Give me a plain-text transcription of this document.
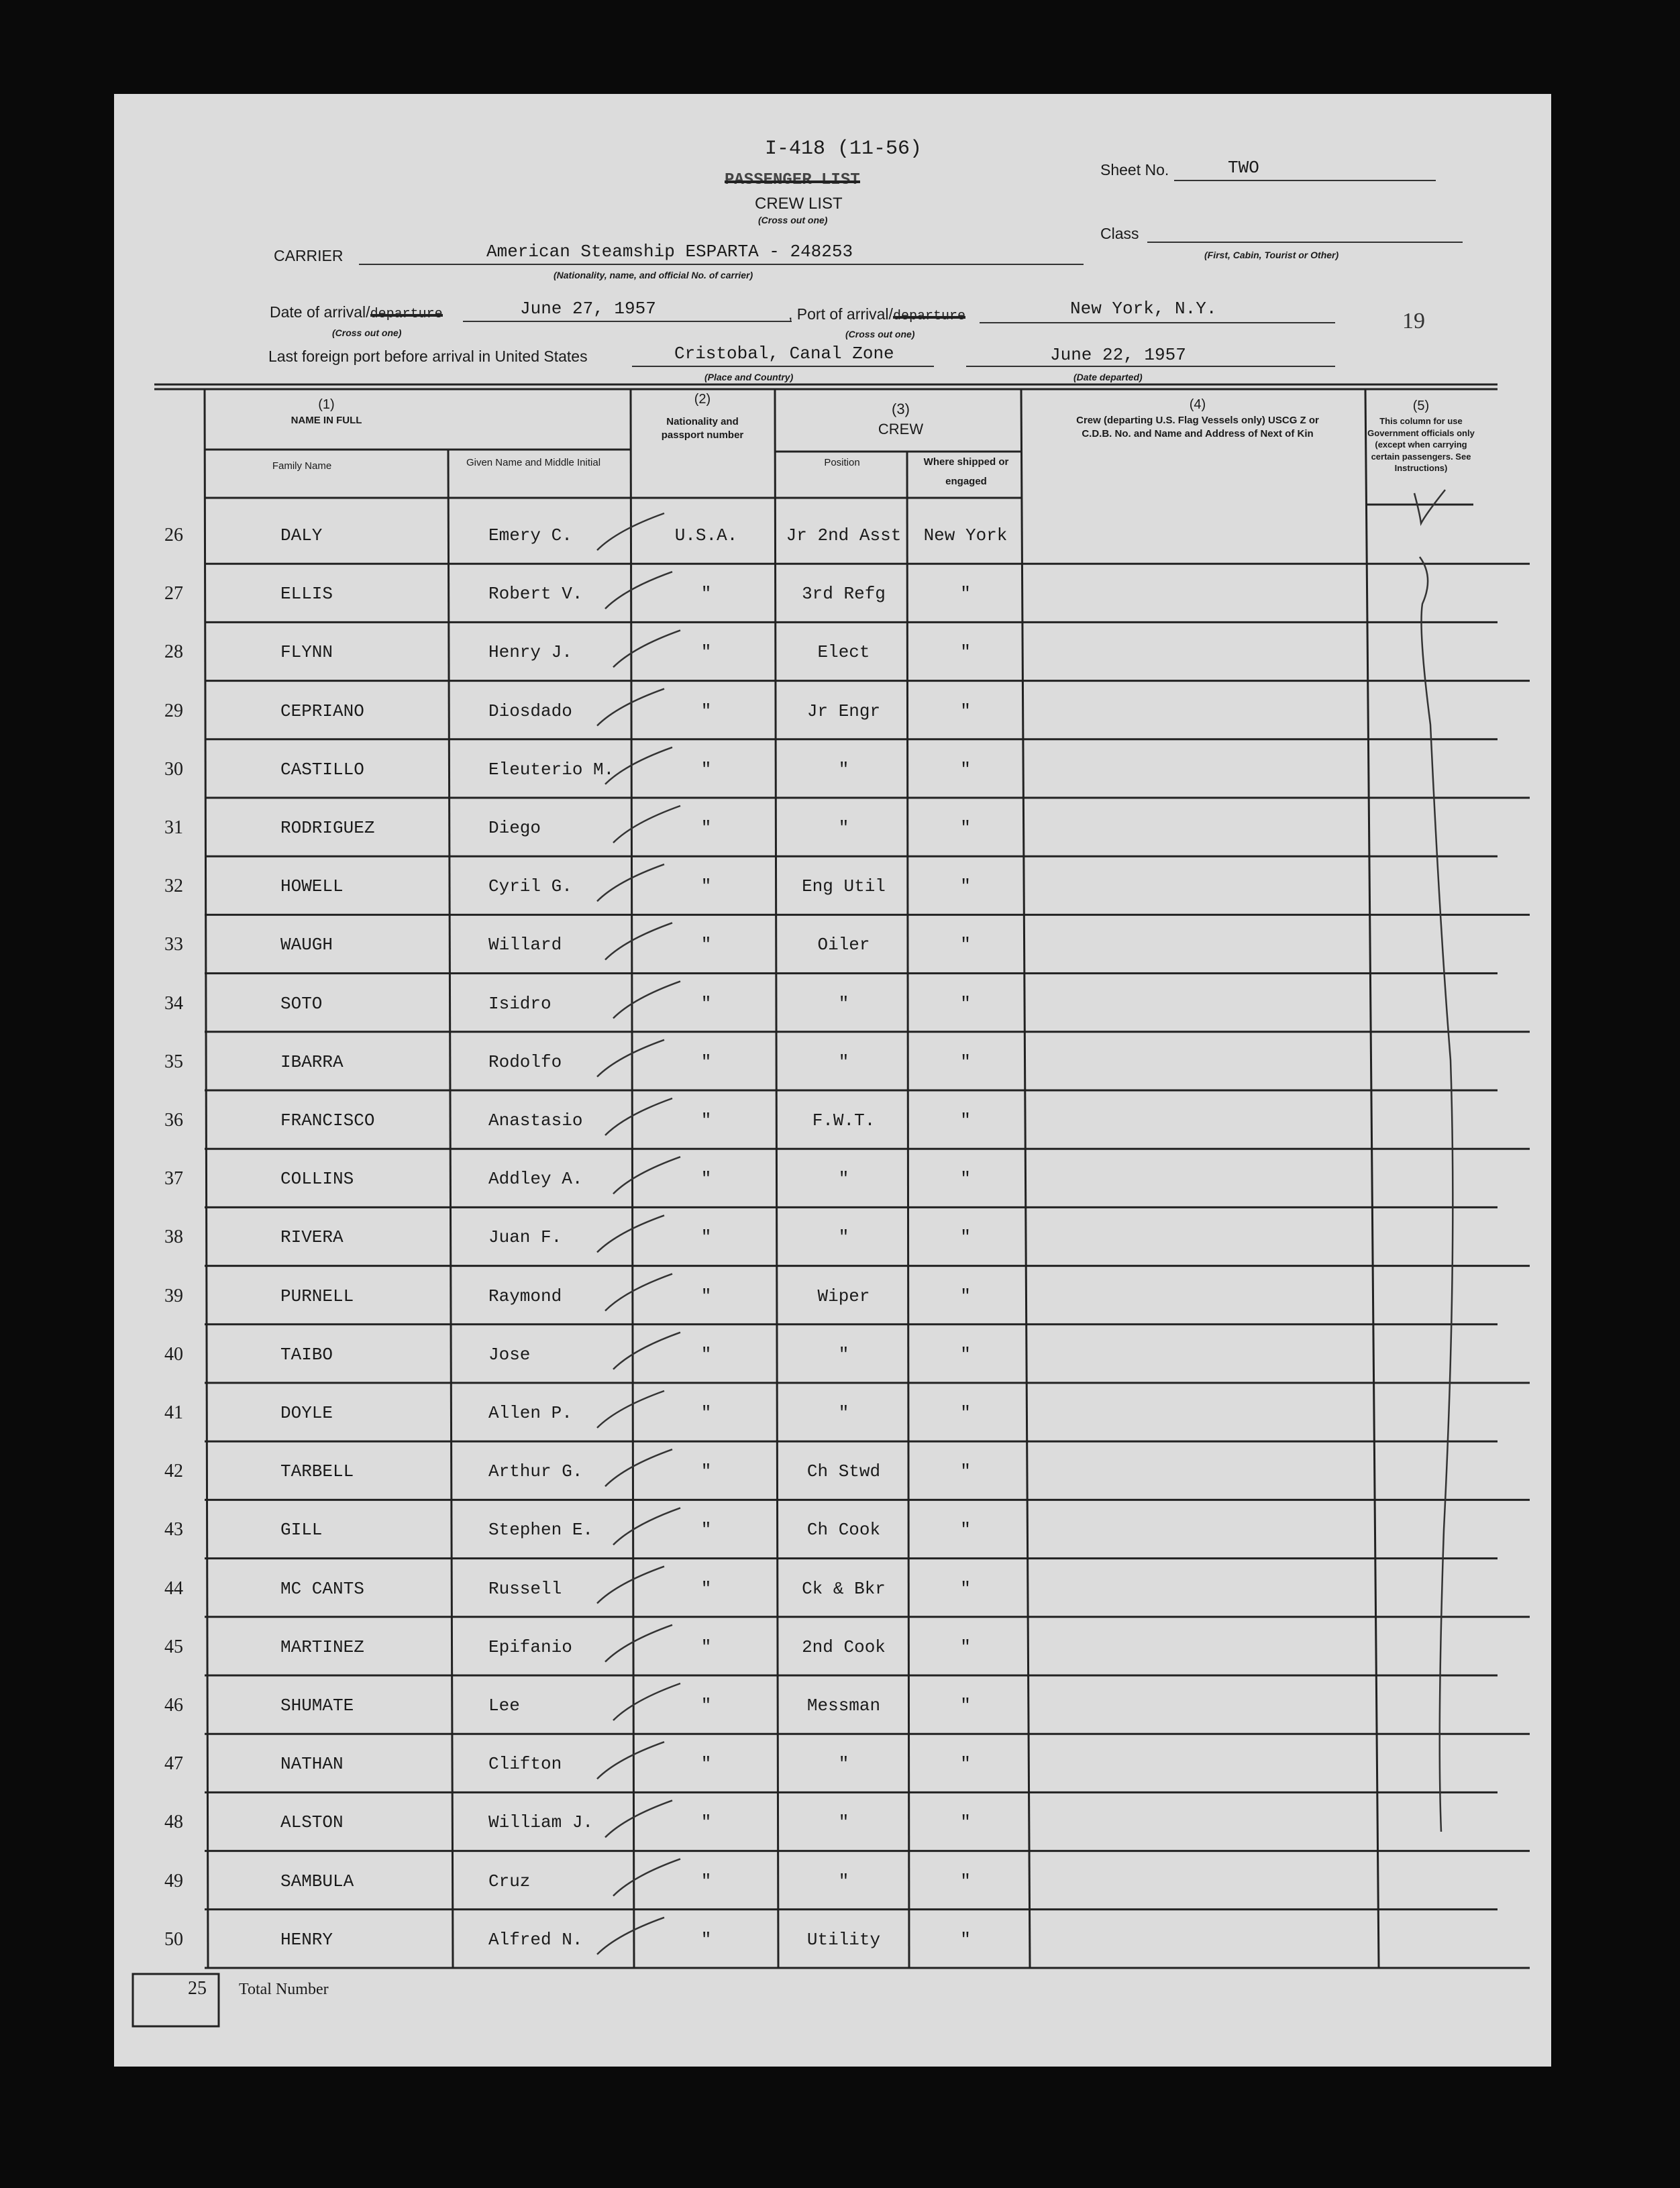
I-418 (11-56)
PASSENGER LIST
CREW LIST
(Cross out one)
Sheet No.	TWO
Class
(First, Cabin, Tourist or Other)
CARRIER	American Steamship ESPARTA - 248253
(Nationality, name, and official No. of carrier)
Date of arrival/departure	June 27, 1957
(Cross out one)
, Port of arrival/departure	New York, N.Y.
(Cross out one)
19
Last foreign port before arrival in United States	Cristobal, Canal Zone
(Place and Country)
June 22, 1957
(Date departed)
(1)
NAME IN FULL
Family Name	Given Name and Middle Initial
(2)
Nationality and passport number
(3)
CREW
Position	Where shipped or engaged
(4)
Crew (departing U.S. Flag Vessels only) USCG Z or C.D.B. No. and Name and Address of Next of Kin
(5)
This column for use Government officials only (except when carrying certain passengers. See Instructions)
26	DALY	Emery C.	U.S.A.	Jr 2nd Asst	New York
27	ELLIS	Robert V.	"	3rd Refg	"
28	FLYNN	Henry J.	"	Elect	"
29	CEPRIANO	Diosdado	"	Jr Engr	"
30	CASTILLO	Eleuterio M.	"	"	"
31	RODRIGUEZ	Diego	"	"	"
32	HOWELL	Cyril G.	"	Eng Util	"
33	WAUGH	Willard	"	Oiler	"
34	SOTO	Isidro	"	"	"
35	IBARRA	Rodolfo	"	"	"
36	FRANCISCO	Anastasio	"	F.W.T.	"
37	COLLINS	Addley A.	"	"	"
38	RIVERA	Juan F.	"	"	"
39	PURNELL	Raymond	"	Wiper	"
40	TAIBO	Jose	"	"	"
41	DOYLE	Allen P.	"	"	"
42	TARBELL	Arthur G.	"	Ch Stwd	"
43	GILL	Stephen E.	"	Ch Cook	"
44	MC CANTS	Russell	"	Ck & Bkr	"
45	MARTINEZ	Epifanio	"	2nd Cook	"
46	SHUMATE	Lee	"	Messman	"
47	NATHAN	Clifton	"	"	"
48	ALSTON	William J.	"	"	"
49	SAMBULA	Cruz	"	"	"
50	HENRY	Alfred N.	"	Utility	"
25 Total Number
